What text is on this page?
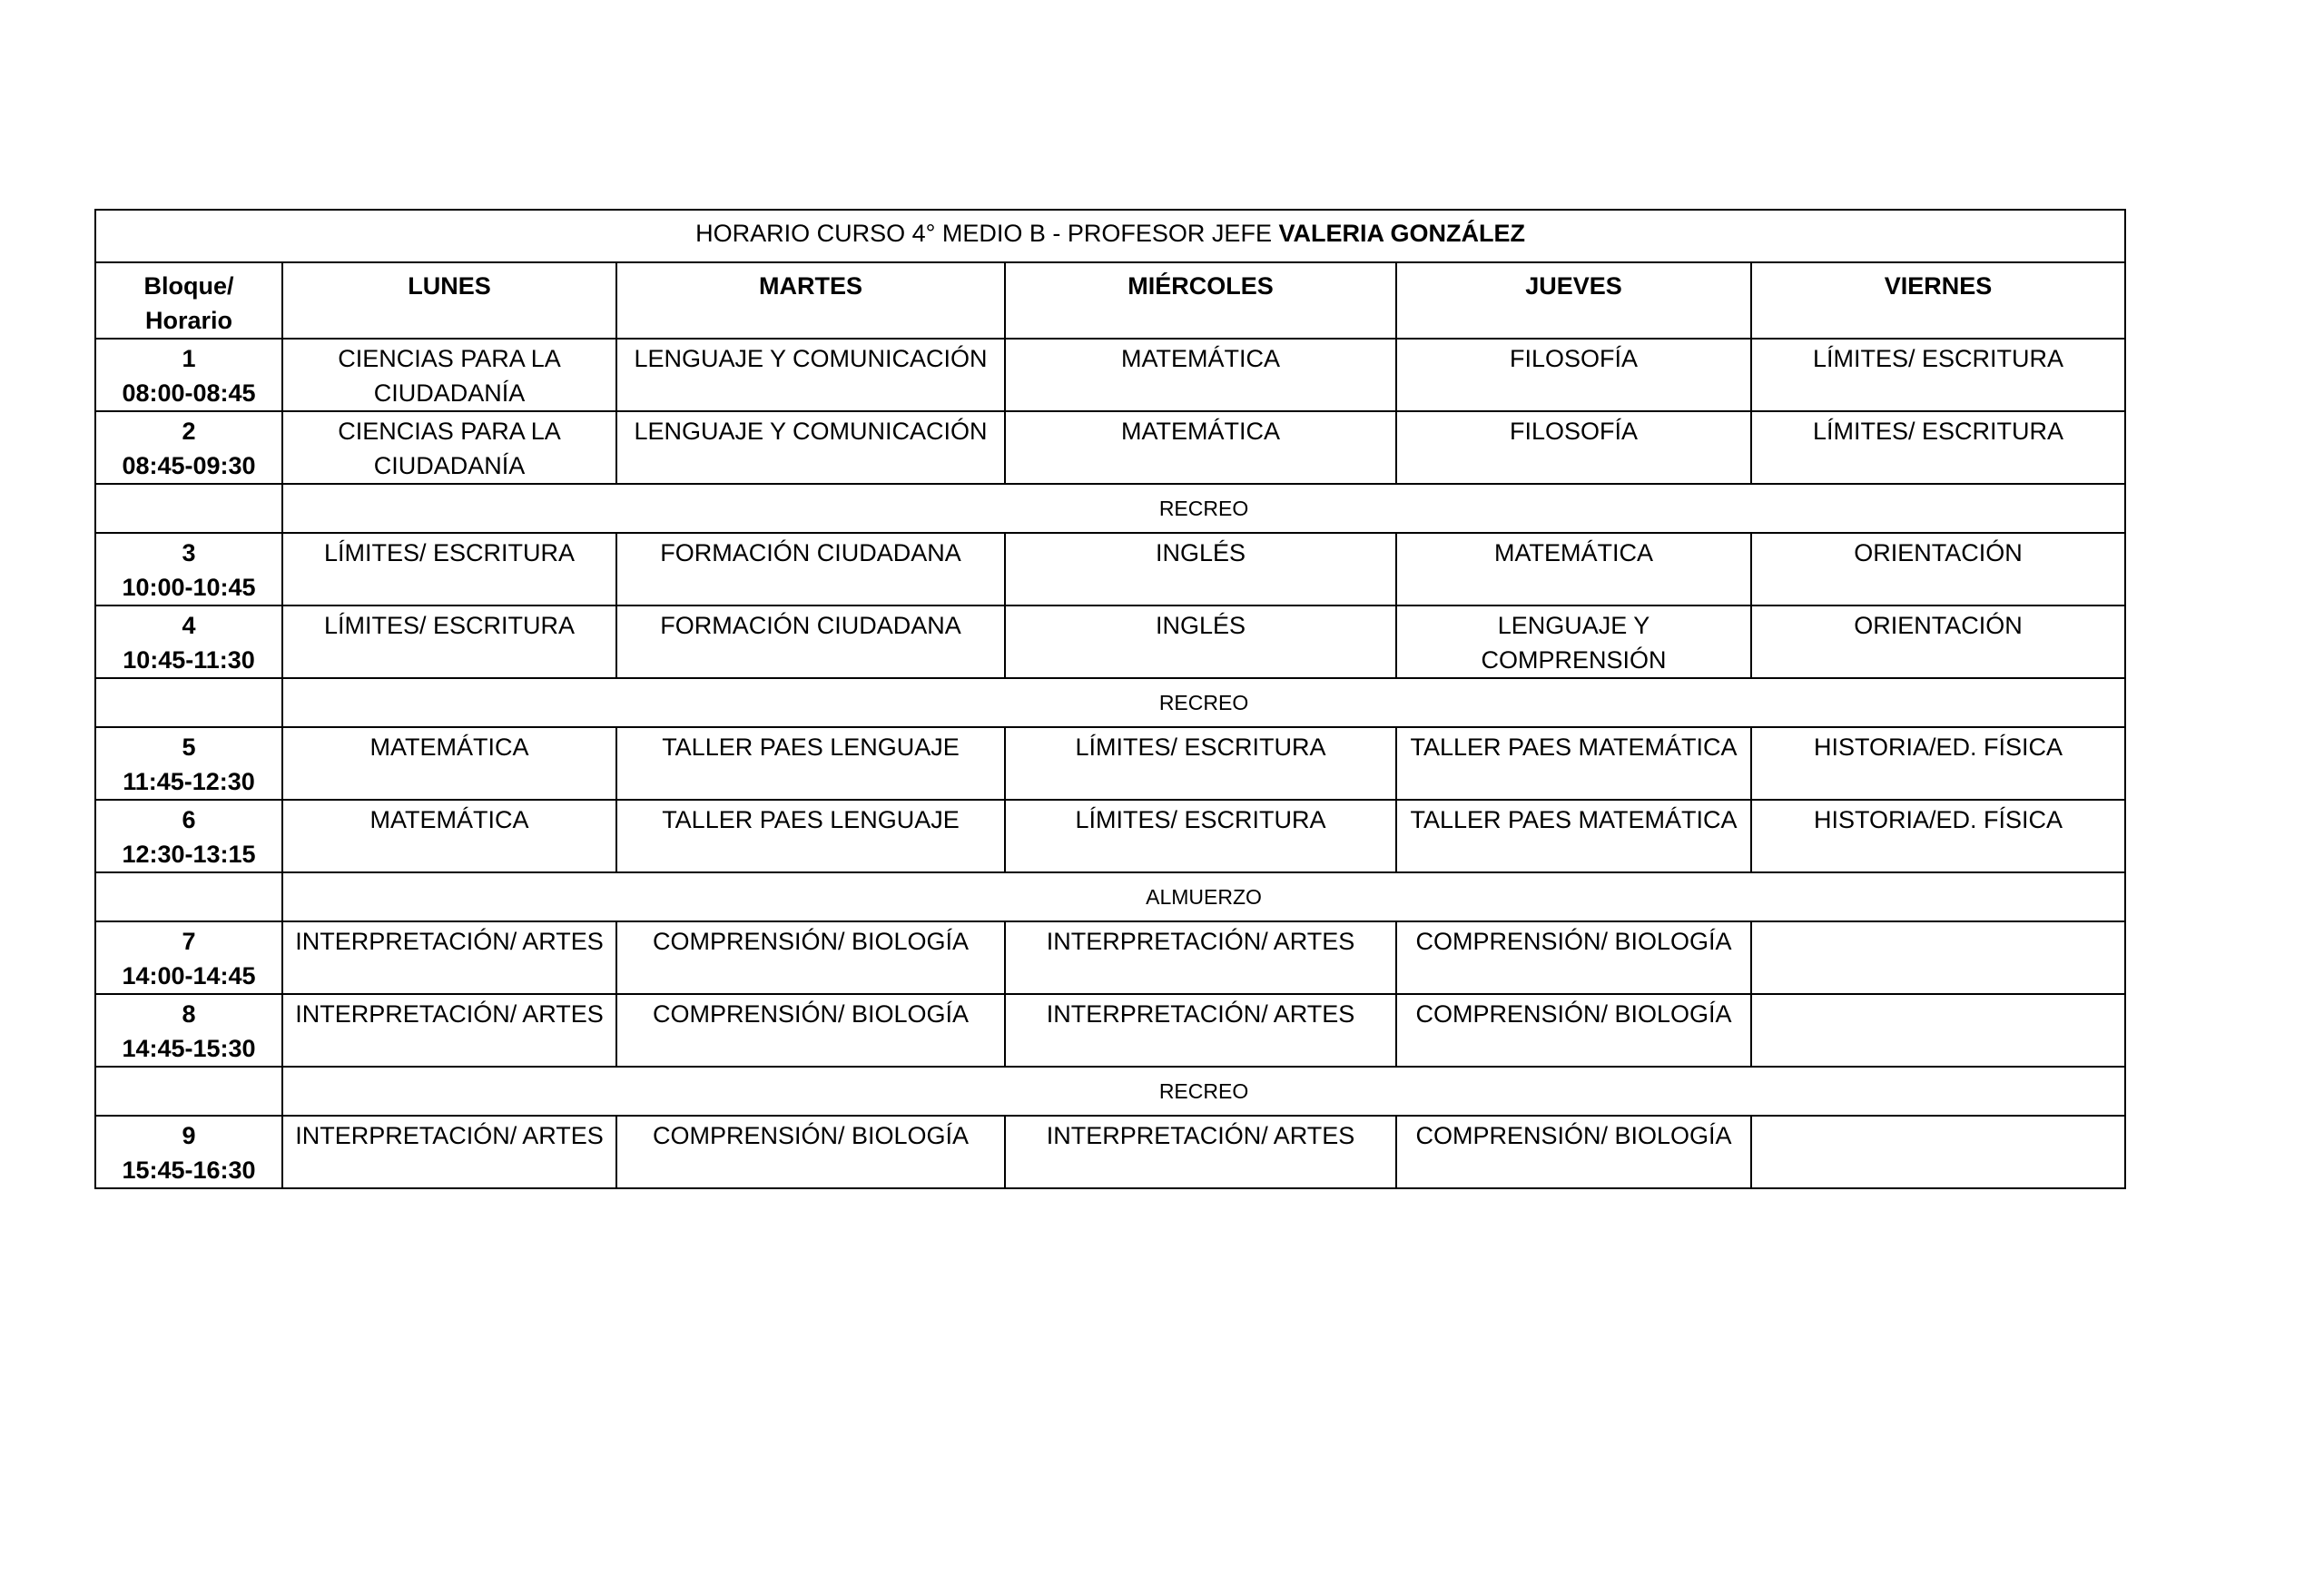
HORARIO CURSO 4° MEDIO B - PROFESOR JEFE VALERIA GONZÁLEZ					
Bloque/ Horario	LUNES	MARTES	MIÉRCOLES	JUEVES	VIERNES

1
08:00-08:45	CIENCIAS PARA LA CIUDADANÍA	LENGUAJE Y COMUNICACIÓN	MATEMÁTICA	FILOSOFÍA	LÍMITES/ ESCRITURA

2
08:45-09:30	CIENCIAS PARA LA CIUDADANÍA	LENGUAJE Y COMUNICACIÓN	MATEMÁTICA	FILOSOFÍA	LÍMITES/ ESCRITURA
	RECREO				

3
10:00-10:45	LÍMITES/ ESCRITURA	FORMACIÓN CIUDADANA	INGLÉS	MATEMÁTICA	ORIENTACIÓN

4
10:45-11:30	LÍMITES/ ESCRITURA	FORMACIÓN CIUDADANA	INGLÉS	LENGUAJE Y COMPRENSIÓN	ORIENTACIÓN
	RECREO				

5
11:45-12:30	MATEMÁTICA	TALLER PAES LENGUAJE	LÍMITES/ ESCRITURA	TALLER PAES MATEMÁTICA	HISTORIA/ED. FÍSICA

6
12:30-13:15	MATEMÁTICA	TALLER PAES LENGUAJE	LÍMITES/ ESCRITURA	TALLER PAES MATEMÁTICA	HISTORIA/ED. FÍSICA
	ALMUERZO				

7
14:00-14:45	INTERPRETACIÓN/ ARTES	COMPRENSIÓN/ BIOLOGÍA	INTERPRETACIÓN/ ARTES	COMPRENSIÓN/ BIOLOGÍA	

8
14:45-15:30	INTERPRETACIÓN/ ARTES	COMPRENSIÓN/ BIOLOGÍA	INTERPRETACIÓN/ ARTES	COMPRENSIÓN/ BIOLOGÍA	
	RECREO				

9
15:45-16:30	INTERPRETACIÓN/ ARTES	COMPRENSIÓN/ BIOLOGÍA	INTERPRETACIÓN/ ARTES	COMPRENSIÓN/ BIOLOGÍA	
